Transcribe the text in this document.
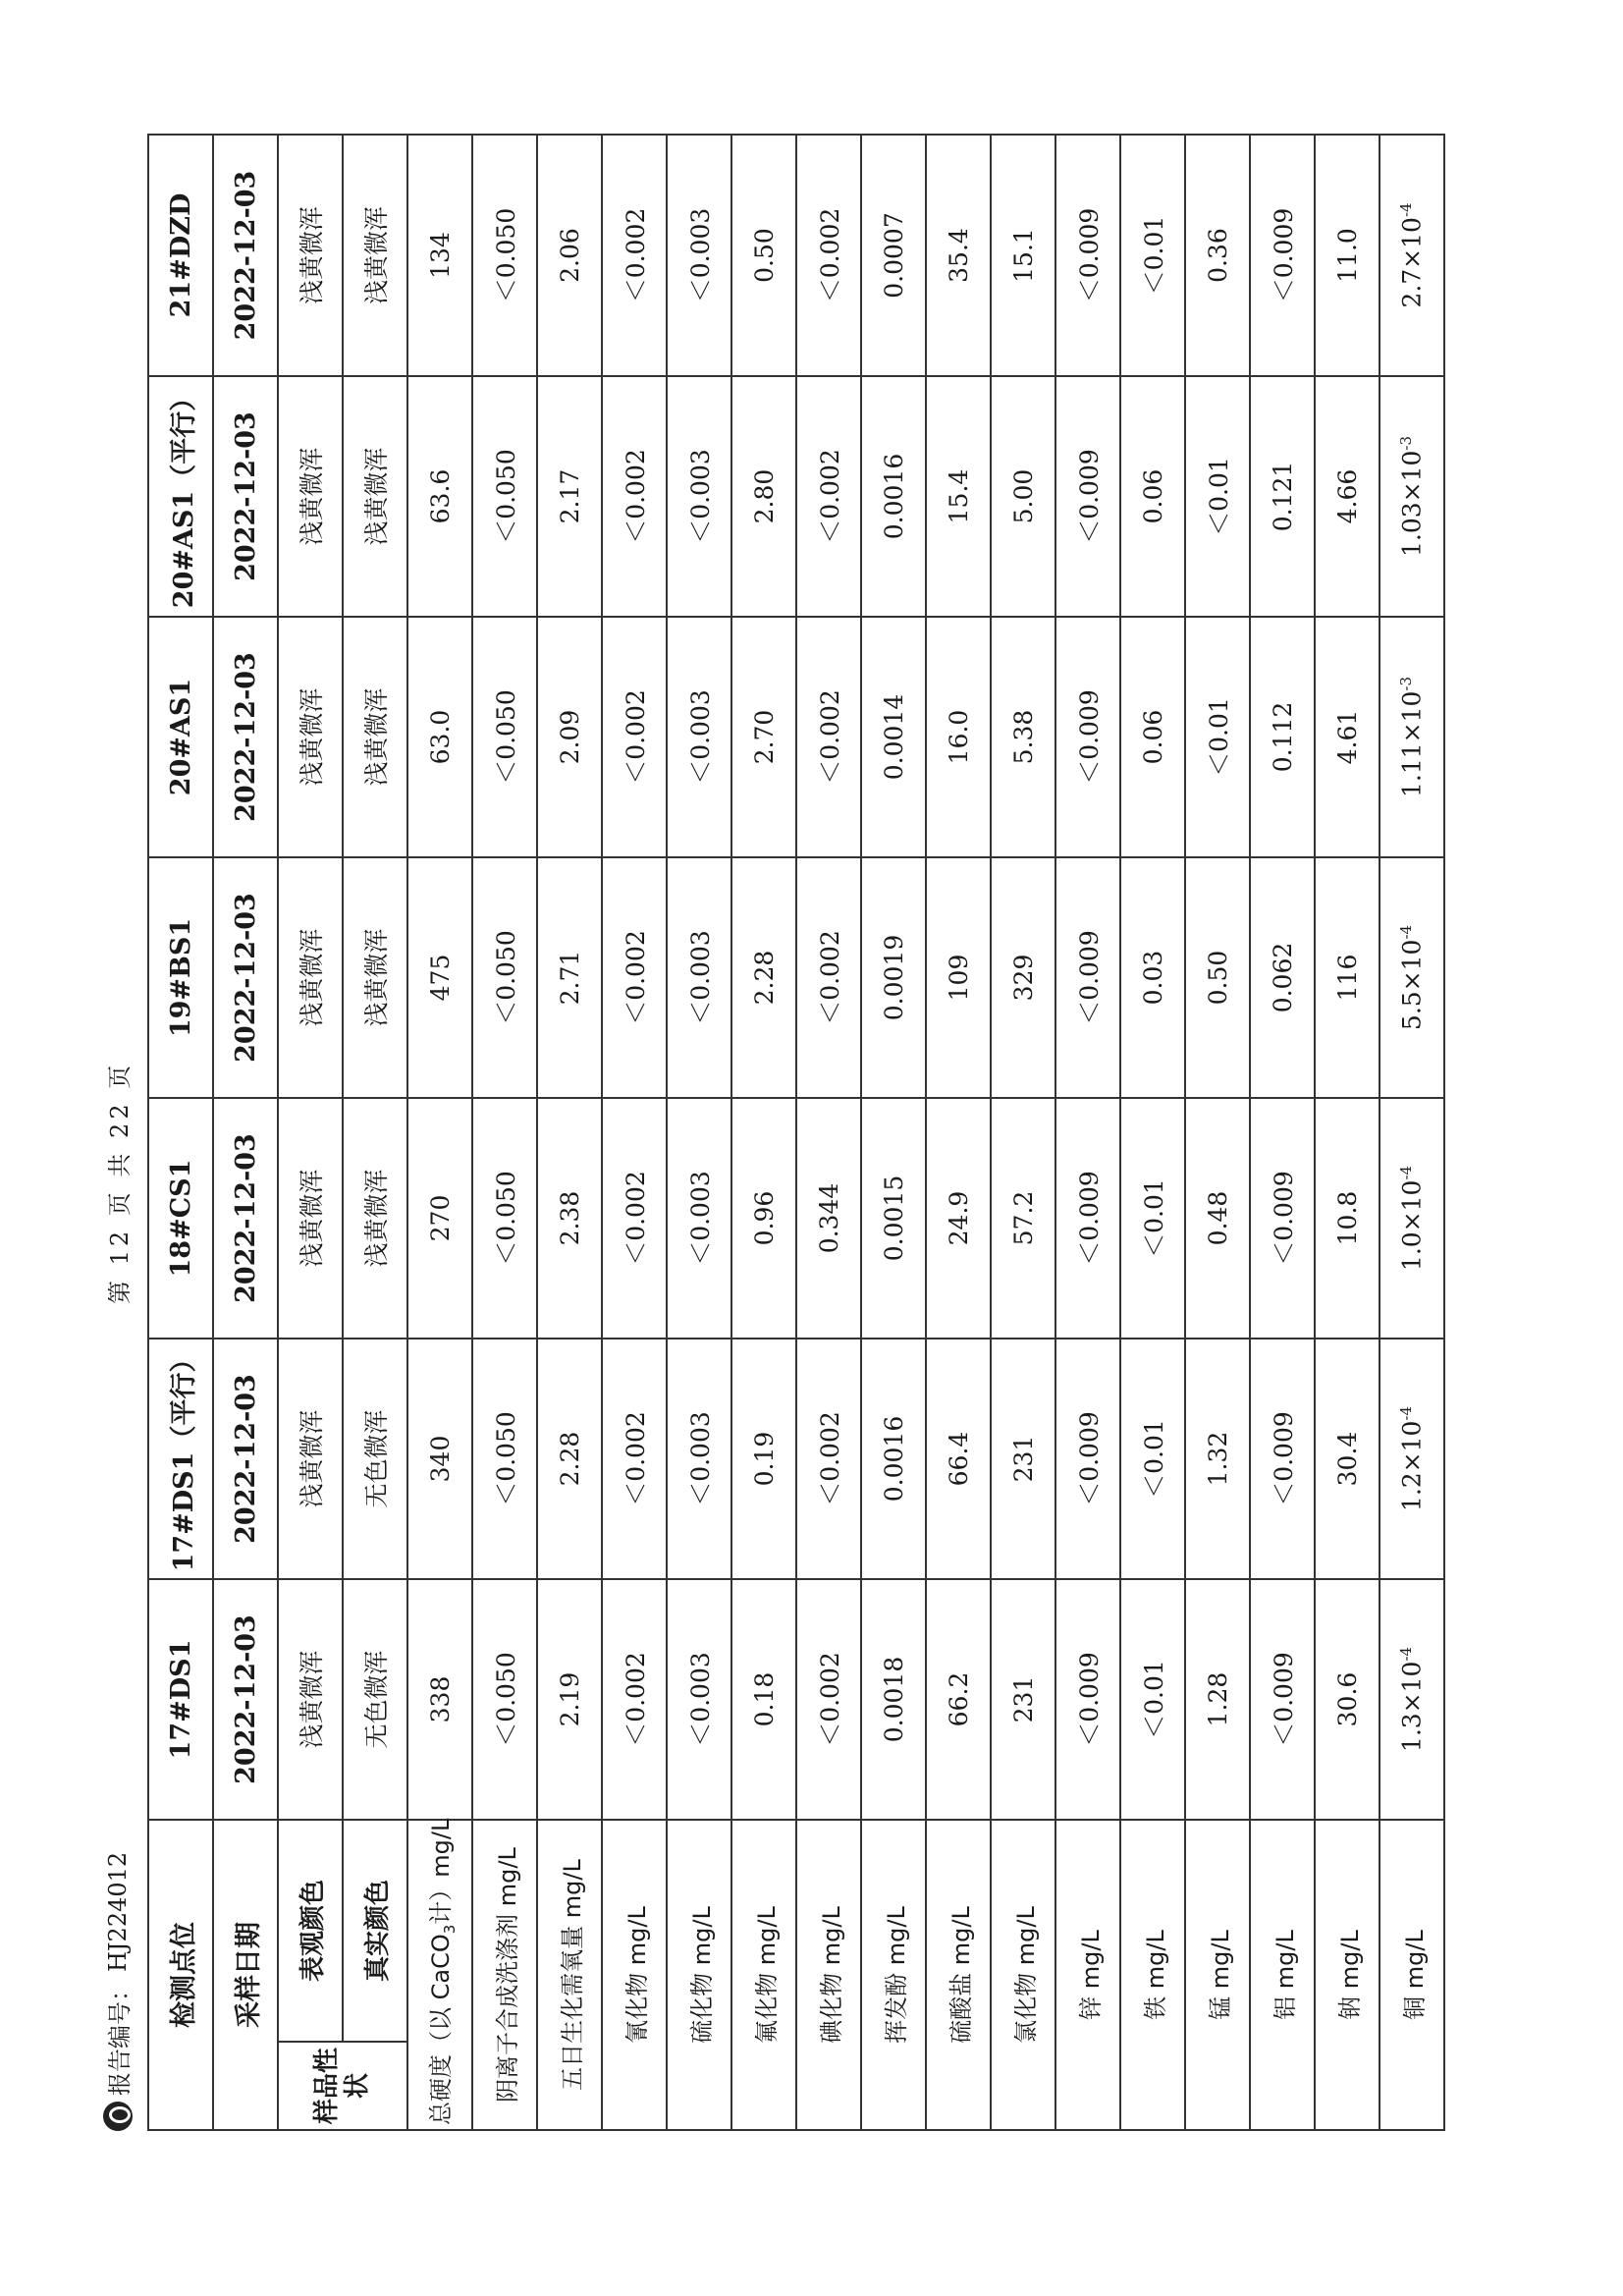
报告编号：
HJ224012
第 12 页 共 22 页
检测点位		17#DS1	17#DS1（平行）	18#CS1	19#BS1	20#AS1	20#AS1（平行）	21#DZD
采样日期		2022-12-03	2022-12-03	2022-12-03	2022-12-03	2022-12-03	2022-12-03	2022-12-03
样品性状	表观颜色	浅黄微浑	浅黄微浑	浅黄微浑	浅黄微浑	浅黄微浑	浅黄微浑	浅黄微浑
	真实颜色	无色微浑	无色微浑	浅黄微浑	浅黄微浑	浅黄微浑	浅黄微浑	浅黄微浑
总硬度（以 CaCO$_3$计）mg/L		338	340	270	475	63.0	63.6	134
阴离子合成洗涤剂 mg/L		＜0.050	＜0.050	＜0.050	＜0.050	＜0.050	＜0.050	＜0.050
五日生化需氧量 mg/L		2.19	2.28	2.38	2.71	2.09	2.17	2.06
氰化物 mg/L		＜0.002	＜0.002	＜0.002	＜0.002	＜0.002	＜0.002	＜0.002
硫化物 mg/L		＜0.003	＜0.003	＜0.003	＜0.003	＜0.003	＜0.003	＜0.003
氟化物 mg/L		0.18	0.19	0.96	2.28	2.70	2.80	0.50
碘化物 mg/L		＜0.002	＜0.002	0.344	＜0.002	＜0.002	＜0.002	＜0.002
挥发酚 mg/L		0.0018	0.0016	0.0015	0.0019	0.0014	0.0016	0.0007
硫酸盐 mg/L		66.2	66.4	24.9	109	16.0	15.4	35.4
氯化物 mg/L		231	231	57.2	329	5.38	5.00	15.1
锌 mg/L		＜0.009	＜0.009	＜0.009	＜0.009	＜0.009	＜0.009	＜0.009
铁 mg/L		＜0.01	＜0.01	＜0.01	0.03	0.06	0.06	＜0.01
锰 mg/L		1.28	1.32	0.48	0.50	＜0.01	＜0.01	0.36
铝 mg/L		＜0.009	＜0.009	＜0.009	0.062	0.112	0.121	＜0.009
钠 mg/L		30.6	30.4	10.8	116	4.61	4.66	11.0
铜 mg/L		$1.3\times 10^{-4}$	$1.2\times 10^{-4}$	$1.0\times 10^{-4}$	$5.5\times 10^{-4}$	$1.11\times 10^{-3}$	$1.03\times 10^{-3}$	$2.7\times 10^{-4}$
